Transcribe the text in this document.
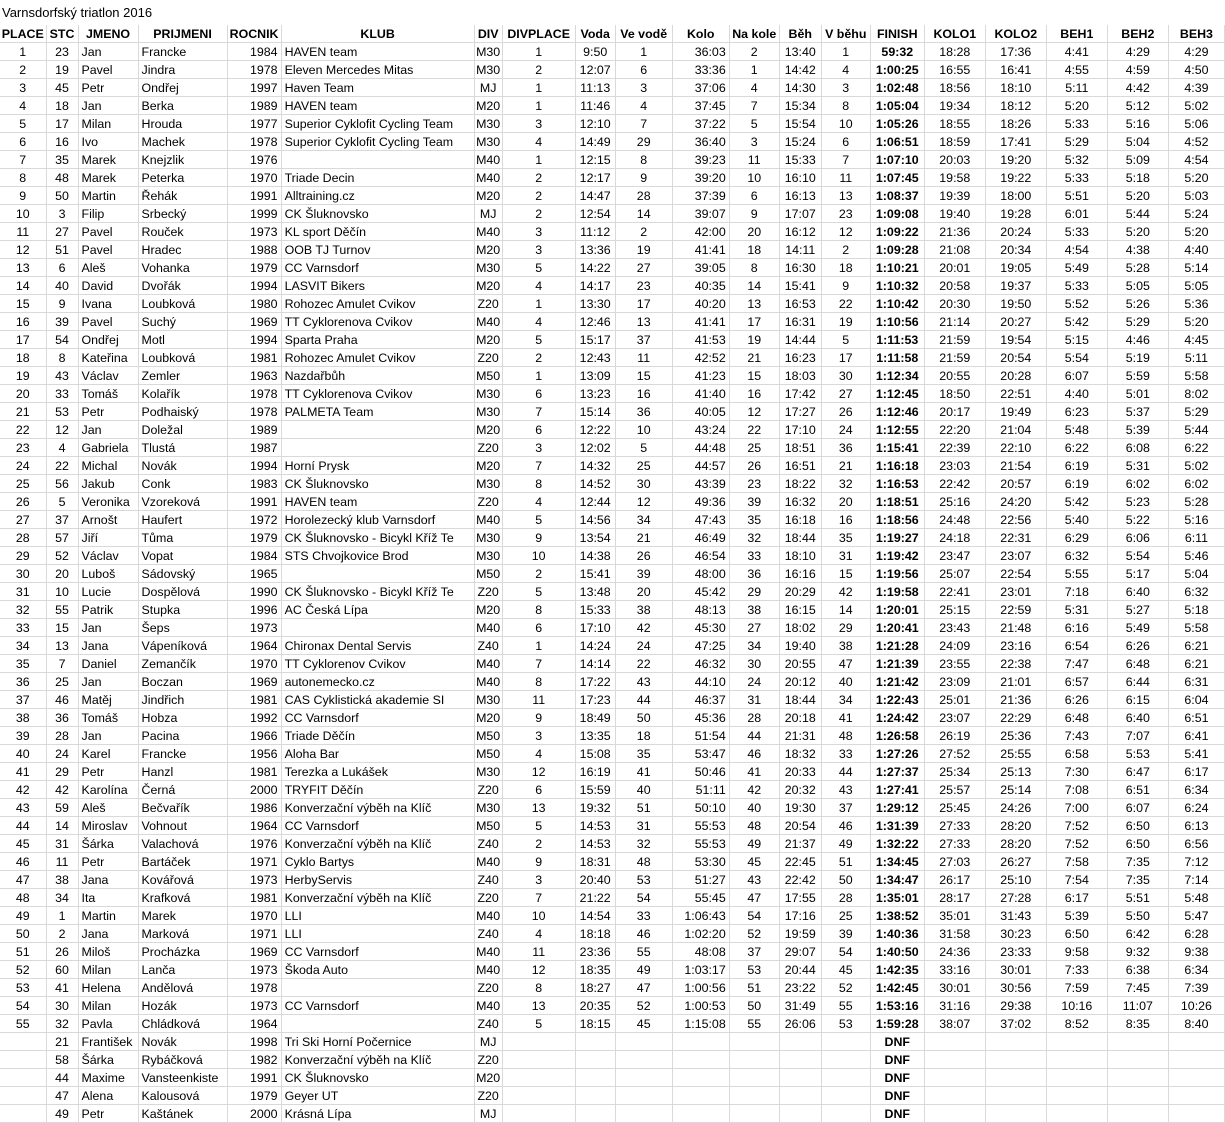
Varnsdorfský triatlon 2016
PLACE	STC	JMENO	PRIJMENI	ROCNIK	KLUB	DIV	DIVPLACE	Voda	Ve vodě	Kolo	Na kole	Běh	V běhu	FINISH	KOLO1	KOLO2	BEH1	BEH2	BEH3
1	23	Jan	Francke	1984	HAVEN team	M30	1	9:50	1	36:03	2	13:40	1	59:32	18:28	17:36	4:41	4:29	4:29
2	19	Pavel	Jindra	1978	Eleven Mercedes Mitas	M30	2	12:07	6	33:36	1	14:42	4	1:00:25	16:55	16:41	4:55	4:59	4:50
3	45	Petr	Ondřej	1997	Haven Team	MJ	1	11:13	3	37:06	4	14:30	3	1:02:48	18:56	18:10	5:11	4:42	4:39
4	18	Jan	Berka	1989	HAVEN team	M20	1	11:46	4	37:45	7	15:34	8	1:05:04	19:34	18:12	5:20	5:12	5:02
5	17	Milan	Hrouda	1977	Superior Cyklofit Cycling Team	M30	3	12:10	7	37:22	5	15:54	10	1:05:26	18:55	18:26	5:33	5:16	5:06
6	16	Ivo	Machek	1978	Superior Cyklofit Cycling Team	M30	4	14:49	29	36:40	3	15:24	6	1:06:51	18:59	17:41	5:29	5:04	4:52
7	35	Marek	Knejzlik	1976		M40	1	12:15	8	39:23	11	15:33	7	1:07:10	20:03	19:20	5:32	5:09	4:54
8	48	Marek	Peterka	1970	Triade Decin	M40	2	12:17	9	39:20	10	16:10	11	1:07:45	19:58	19:22	5:33	5:18	5:20
9	50	Martin	Řehák	1991	Alltraining.cz	M20	2	14:47	28	37:39	6	16:13	13	1:08:37	19:39	18:00	5:51	5:20	5:03
10	3	Filip	Srbecký	1999	CK Šluknovsko	MJ	2	12:54	14	39:07	9	17:07	23	1:09:08	19:40	19:28	6:01	5:44	5:24
11	27	Pavel	Rouček	1973	KL sport Děčín	M40	3	11:12	2	42:00	20	16:12	12	1:09:22	21:36	20:24	5:33	5:20	5:20
12	51	Pavel	Hradec	1988	OOB TJ Turnov	M20	3	13:36	19	41:41	18	14:11	2	1:09:28	21:08	20:34	4:54	4:38	4:40
13	6	Aleš	Vohanka	1979	CC Varnsdorf	M30	5	14:22	27	39:05	8	16:30	18	1:10:21	20:01	19:05	5:49	5:28	5:14
14	40	David	Dvořák	1994	LASVIT Bikers	M20	4	14:17	23	40:35	14	15:41	9	1:10:32	20:58	19:37	5:33	5:05	5:05
15	9	Ivana	Loubková	1980	Rohozec Amulet Cvikov	Z20	1	13:30	17	40:20	13	16:53	22	1:10:42	20:30	19:50	5:52	5:26	5:36
16	39	Pavel	Suchý	1969	TT Cyklorenova Cvikov	M40	4	12:46	13	41:41	17	16:31	19	1:10:56	21:14	20:27	5:42	5:29	5:20
17	54	Ondřej	Motl	1994	Sparta Praha	M20	5	15:17	37	41:53	19	14:44	5	1:11:53	21:59	19:54	5:15	4:46	4:45
18	8	Kateřina	Loubková	1981	Rohozec Amulet Cvikov	Z20	2	12:43	11	42:52	21	16:23	17	1:11:58	21:59	20:54	5:54	5:19	5:11
19	43	Václav	Zemler	1963	Nazdařbůh	M50	1	13:09	15	41:23	15	18:03	30	1:12:34	20:55	20:28	6:07	5:59	5:58
20	33	Tomáš	Kolařík	1978	TT Cyklorenova Cvikov	M30	6	13:23	16	41:40	16	17:42	27	1:12:45	18:50	22:51	4:40	5:01	8:02
21	53	Petr	Podhaiský	1978	PALMETA Team	M30	7	15:14	36	40:05	12	17:27	26	1:12:46	20:17	19:49	6:23	5:37	5:29
22	12	Jan	Doležal	1989		M20	6	12:22	10	43:24	22	17:10	24	1:12:55	22:20	21:04	5:48	5:39	5:44
23	4	Gabriela	Tlustá	1987		Z20	3	12:02	5	44:48	25	18:51	36	1:15:41	22:39	22:10	6:22	6:08	6:22
24	22	Michal	Novák	1994	Horní Prysk	M20	7	14:32	25	44:57	26	16:51	21	1:16:18	23:03	21:54	6:19	5:31	5:02
25	56	Jakub	Conk	1983	CK Šluknovsko	M30	8	14:52	30	43:39	23	18:22	32	1:16:53	22:42	20:57	6:19	6:02	6:02
26	5	Veronika	Vzoreková	1991	HAVEN team	Z20	4	12:44	12	49:36	39	16:32	20	1:18:51	25:16	24:20	5:42	5:23	5:28
27	37	Arnošt	Haufert	1972	Horolezecký klub Varnsdorf	M40	5	14:56	34	47:43	35	16:18	16	1:18:56	24:48	22:56	5:40	5:22	5:16
28	57	Jiří	Tůma	1979	CK Šluknovsko - Bicykl Kříž Te	M30	9	13:54	21	46:49	32	18:44	35	1:19:27	24:18	22:31	6:29	6:06	6:11
29	52	Václav	Vopat	1984	STS Chvojkovice Brod	M30	10	14:38	26	46:54	33	18:10	31	1:19:42	23:47	23:07	6:32	5:54	5:46
30	20	Luboš	Sádovský	1965		M50	2	15:41	39	48:00	36	16:16	15	1:19:56	25:07	22:54	5:55	5:17	5:04
31	10	Lucie	Dospělová	1990	CK Šluknovsko - Bicykl Kříž Te	Z20	5	13:48	20	45:42	29	20:29	42	1:19:58	22:41	23:01	7:18	6:40	6:32
32	55	Patrik	Stupka	1996	AC Česká Lípa	M20	8	15:33	38	48:13	38	16:15	14	1:20:01	25:15	22:59	5:31	5:27	5:18
33	15	Jan	Šeps	1973		M40	6	17:10	42	45:30	27	18:02	29	1:20:41	23:43	21:48	6:16	5:49	5:58
34	13	Jana	Vápeníková	1964	Chironax Dental Servis	Z40	1	14:24	24	47:25	34	19:40	38	1:21:28	24:09	23:16	6:54	6:26	6:21
35	7	Daniel	Zemančík	1970	TT Cyklorenov Cvikov	M40	7	14:14	22	46:32	30	20:55	47	1:21:39	23:55	22:38	7:47	6:48	6:21
36	25	Jan	Boczan	1969	autonemecko.cz	M40	8	17:22	43	44:10	24	20:12	40	1:21:42	23:09	21:01	6:57	6:44	6:31
37	46	Matěj	Jindřich	1981	CAS Cyklistická akademie SI	M30	11	17:23	44	46:37	31	18:44	34	1:22:43	25:01	21:36	6:26	6:15	6:04
38	36	Tomáš	Hobza	1992	CC Varnsdorf	M20	9	18:49	50	45:36	28	20:18	41	1:24:42	23:07	22:29	6:48	6:40	6:51
39	28	Jan	Pacina	1966	Triade Děčín	M50	3	13:35	18	51:54	44	21:31	48	1:26:58	26:19	25:36	7:43	7:07	6:41
40	24	Karel	Francke	1956	Aloha Bar	M50	4	15:08	35	53:47	46	18:32	33	1:27:26	27:52	25:55	6:58	5:53	5:41
41	29	Petr	Hanzl	1981	Terezka a Lukášek	M30	12	16:19	41	50:46	41	20:33	44	1:27:37	25:34	25:13	7:30	6:47	6:17
42	42	Karolína	Černá	2000	TRYFIT Děčín	Z20	6	15:59	40	51:11	42	20:32	43	1:27:41	25:57	25:14	7:08	6:51	6:34
43	59	Aleš	Bečvařík	1986	Konverzační výběh na Klíč	M30	13	19:32	51	50:10	40	19:30	37	1:29:12	25:45	24:26	7:00	6:07	6:24
44	14	Miroslav	Vohnout	1964	CC Varnsdorf	M50	5	14:53	31	55:53	48	20:54	46	1:31:39	27:33	28:20	7:52	6:50	6:13
45	31	Šárka	Valachová	1976	Konverzační výběh na Klíč	Z40	2	14:53	32	55:53	49	21:37	49	1:32:22	27:33	28:20	7:52	6:50	6:56
46	11	Petr	Bartáček	1971	Cyklo Bartys	M40	9	18:31	48	53:30	45	22:45	51	1:34:45	27:03	26:27	7:58	7:35	7:12
47	38	Jana	Kovářová	1973	HerbyServis	Z40	3	20:40	53	51:27	43	22:42	50	1:34:47	26:17	25:10	7:54	7:35	7:14
48	34	Ita	Krafková	1981	Konverzační výběh na Klíč	Z20	7	21:22	54	55:45	47	17:55	28	1:35:01	28:17	27:28	6:17	5:51	5:48
49	1	Martin	Marek	1970	LLI	M40	10	14:54	33	1:06:43	54	17:16	25	1:38:52	35:01	31:43	5:39	5:50	5:47
50	2	Jana	Marková	1971	LLI	Z40	4	18:18	46	1:02:20	52	19:59	39	1:40:36	31:58	30:23	6:50	6:42	6:28
51	26	Miloš	Procházka	1969	CC Varnsdorf	M40	11	23:36	55	48:08	37	29:07	54	1:40:50	24:36	23:33	9:58	9:32	9:38
52	60	Milan	Lanča	1973	Škoda Auto	M40	12	18:35	49	1:03:17	53	20:44	45	1:42:35	33:16	30:01	7:33	6:38	6:34
53	41	Helena	Andělová	1978		Z20	8	18:27	47	1:00:56	51	23:22	52	1:42:45	30:01	30:56	7:59	7:45	7:39
54	30	Milan	Hozák	1973	CC Varnsdorf	M40	13	20:35	52	1:00:53	50	31:49	55	1:53:16	31:16	29:38	10:16	11:07	10:26
55	32	Pavla	Chládková	1964		Z40	5	18:15	45	1:15:08	55	26:06	53	1:59:28	38:07	37:02	8:52	8:35	8:40
	21	František	Novák	1998	Tri Ski Horní Počernice	MJ								DNF					
	58	Šárka	Rybáčková	1982	Konverzační výběh na Klíč	Z20								DNF					
	44	Maxime	Vansteenkiste	1991	CK Šluknovsko	M20								DNF					
	47	Alena	Kalousová	1979	Geyer UT	Z20								DNF					
	49	Petr	Kaštánek	2000	Krásná Lípa	MJ								DNF					
